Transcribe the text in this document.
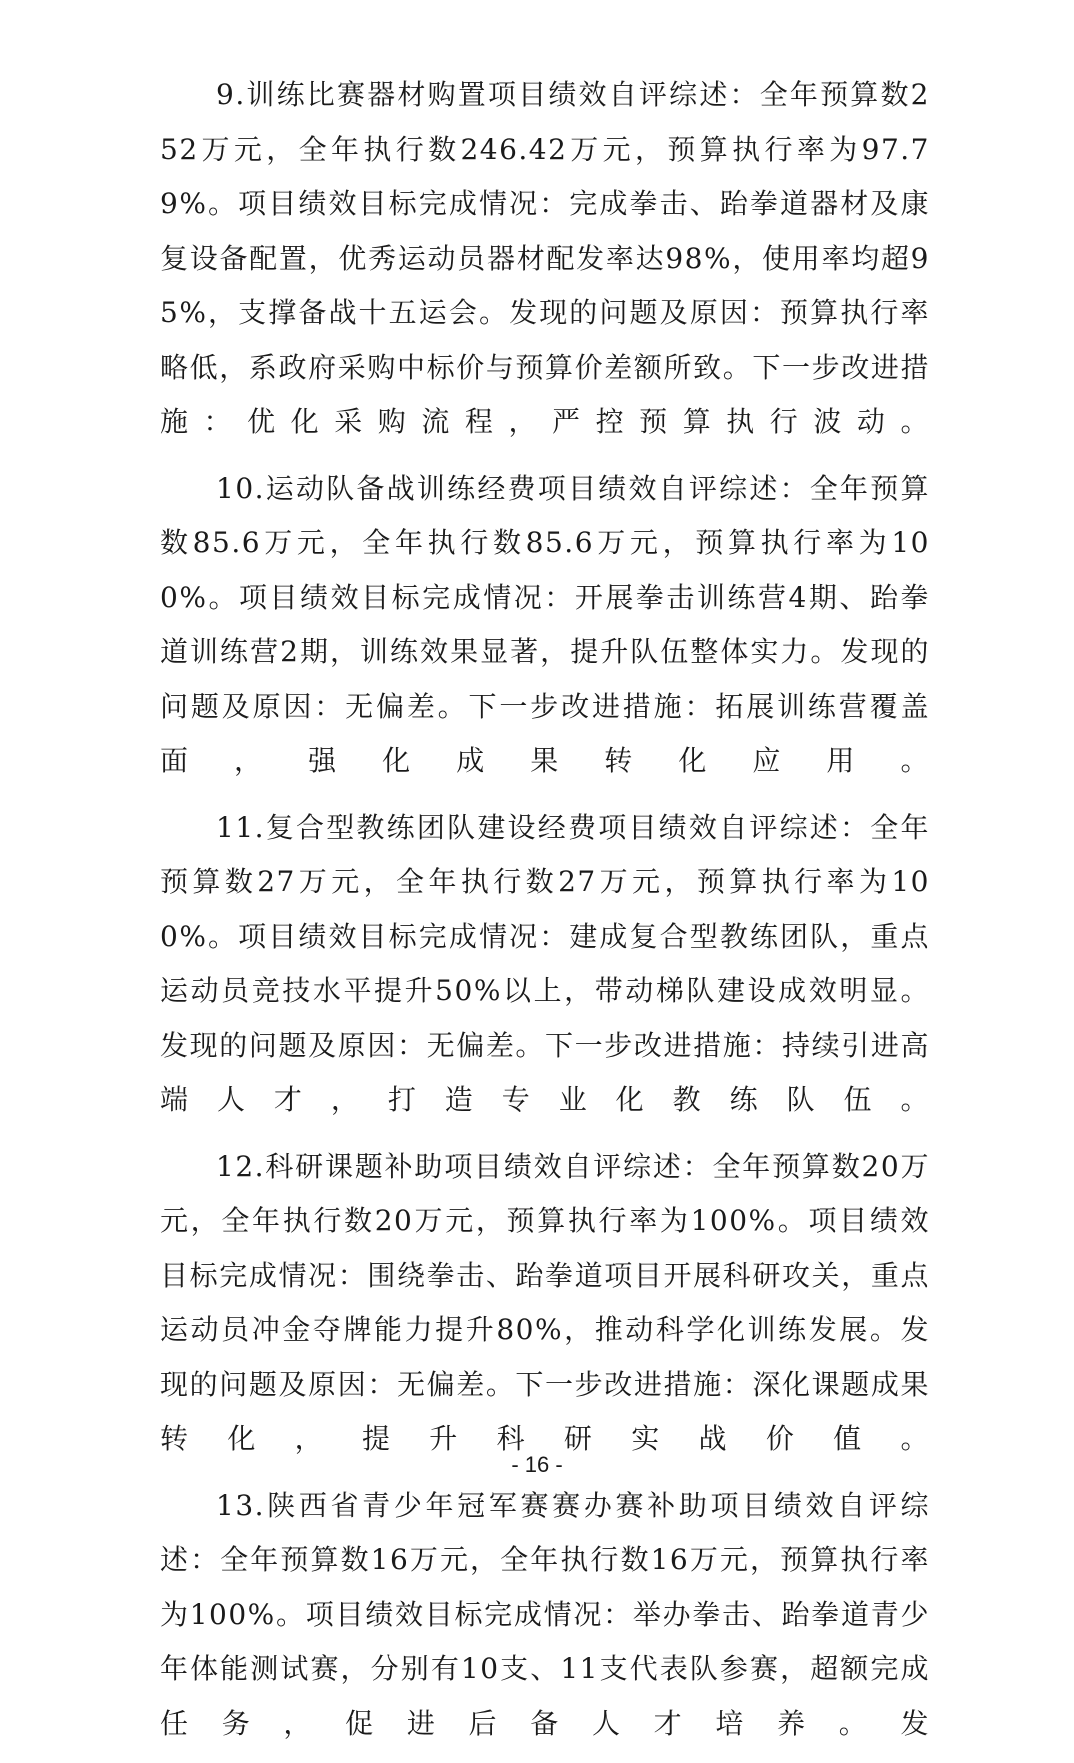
9.训练比赛器材购置项目绩效自评综述：全年预算数252万元，全年执行数246.42万元，预算执行率为97.79%。项目绩效目标完成情况：完成拳击、跆拳道器材及康复设备配置，优秀运动员器材配发率达98%，使用率均超95%，支撑备战十五运会。发现的问题及原因：预算执行率略低，系政府采购中标价与预算价差额所致。下一步改进措施：优化采购流程，严控预算执行波动。

10.运动队备战训练经费项目绩效自评综述：全年预算数85.6万元，全年执行数85.6万元，预算执行率为100%。项目绩效目标完成情况：开展拳击训练营4期、跆拳道训练营2期，训练效果显著，提升队伍整体实力。发现的问题及原因：无偏差。下一步改进措施：拓展训练营覆盖面，强化成果转化应用。

11.复合型教练团队建设经费项目绩效自评综述：全年预算数27万元，全年执行数27万元，预算执行率为100%。项目绩效目标完成情况：建成复合型教练团队，重点运动员竞技水平提升50%以上，带动梯队建设成效明显。发现的问题及原因：无偏差。下一步改进措施：持续引进高端人才，打造专业化教练队伍。

12.科研课题补助项目绩效自评综述：全年预算数20万元，全年执行数20万元，预算执行率为100%。项目绩效目标完成情况：围绕拳击、跆拳道项目开展科研攻关，重点运动员冲金夺牌能力提升80%，推动科学化训练发展。发现的问题及原因：无偏差。下一步改进措施：深化课题成果转化，提升科研实战价值。

13.陕西省青少年冠军赛赛办赛补助项目绩效自评综述：全年预算数16万元，全年执行数16万元，预算执行率为100%。项目绩效目标完成情况：举办拳击、跆拳道青少年体能测试赛，分别有10支、11支代表队参赛，超额完成任务，促进后备人才培养。发

- 16 -
